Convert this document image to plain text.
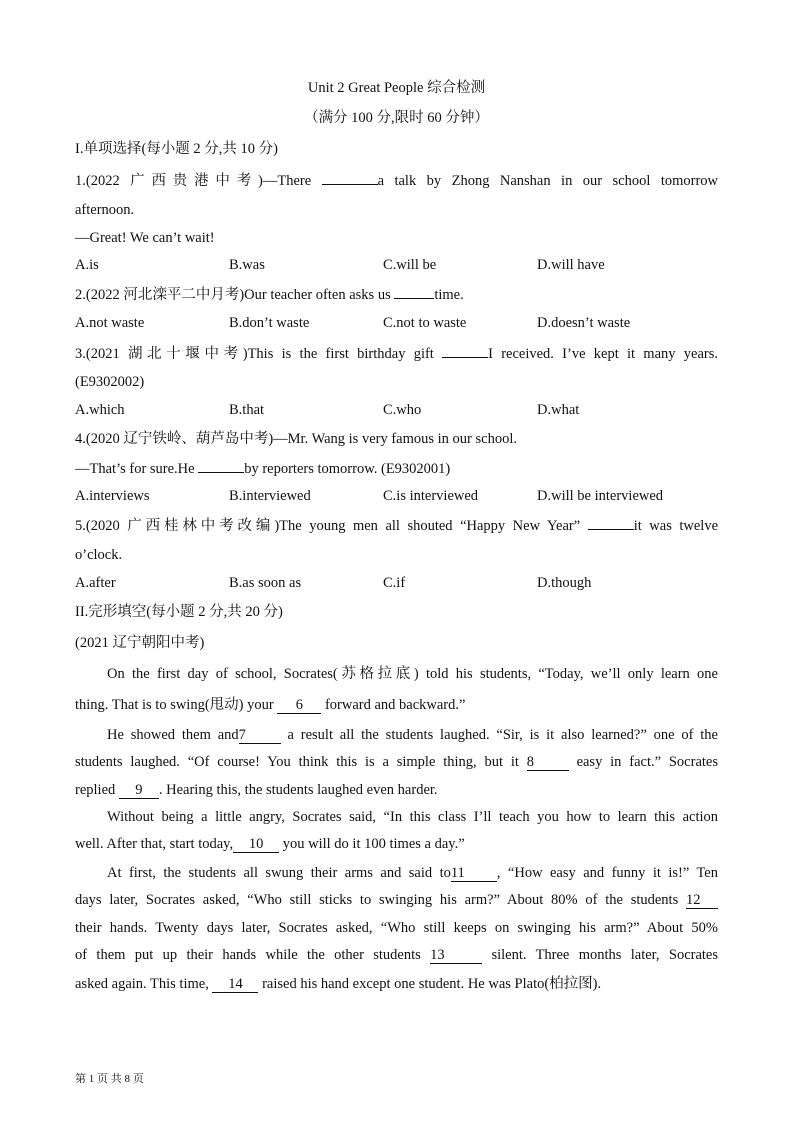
Unit 2 Great People 综合检测
（满分 100 分,限时 60 分钟）
I.单项选择(每小题 2 分,共 10 分)
1.(2022 广西贵港中考)—There	a talk by Zhong Nanshan in our school tomorrow
afternoon.
—Great! We can’t wait!
A.is	B.was	C.will be	D.will have
2.(2022 河北滦平二中月考)Our teacher often asks us	time.
A.not waste	B.don’t waste	C.not to waste	D.doesn’t waste
3.(2021 湖北十堰中考)This is the first birthday gift	I received. I’ve kept it many years.
(E9302002)
A.which	B.that	C.who	D.what
4.(2020 辽宁铁岭、葫芦岛中考)—Mr. Wang is very famous in our school.
—That’s for sure.He	by reporters tomorrow. (E9302001)
A.interviews	B.interviewed	C.is interviewed	D.will be interviewed
5.(2020 广西桂林中考改编)The young men all shouted “Happy New Year”	it was twelve
o’clock.
A.after	B.as soon as	C.if	D.though
II.完形填空(每小题 2 分,共 20 分)
(2021 辽宁朝阳中考)
On the first day of school, Socrates(苏格拉底) told his students, “Today, we’ll only learn one
thing. That is to swing(甩动) your 6 forward and backward.”
He showed them and7	a result all the students laughed. “Sir, is it also learned?” one of the
students laughed. “Of course! You think this is a simple thing, but it 8	easy in fact.” Socrates
replied 9 . Hearing this, the students laughed even harder.
Without being a little angry, Socrates said, “In this class I’ll teach you how to learn this action
well. After that, start today, 10 you will do it 100 times a day.”
At first, the students all swung their arms and said to11 , “How easy and funny it is!” Ten
days later, Socrates asked, “Who still sticks to swinging his arm?” About 80% of the students 12
their hands. Twenty days later, Socrates asked, “Who still keeps on swinging his arm?” About 50%
of them put up their hands while the other students 13	silent. Three months later, Socrates
asked again. This time, 14 raised his hand except one student. He was Plato(柏拉图).
第 1 页 共 8 页
